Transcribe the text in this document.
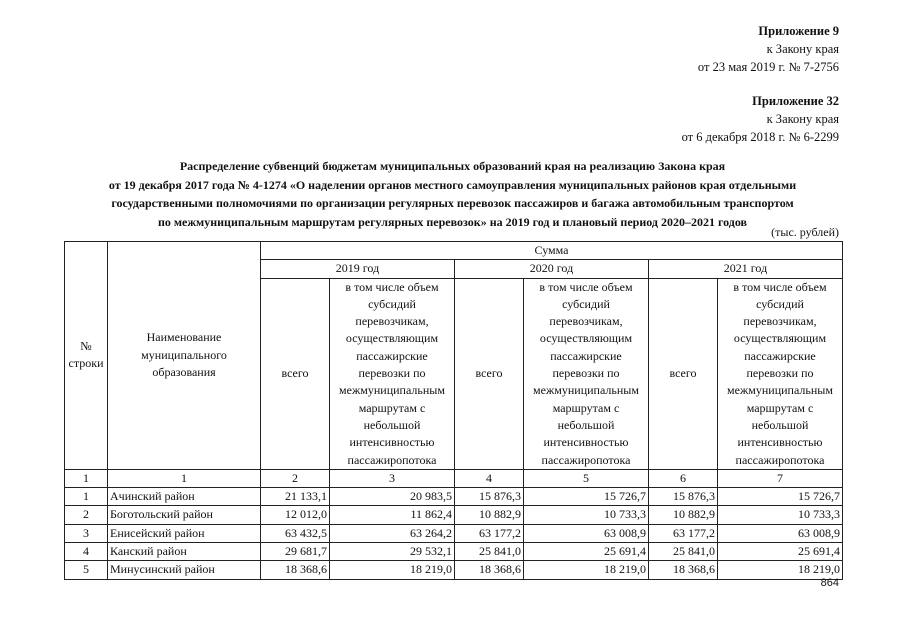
Приложение 9
к Закону края
от 23 мая 2019 г. № 7-2756
Приложение 32
к Закону края
от 6 декабря 2018 г. № 6-2299
Распределение субвенций бюджетам муниципальных образований края на реализацию Закона края
от 19 декабря 2017 года № 4-1274 «О наделении органов местного самоуправления муниципальных районов края отдельными
государственными полномочиями по организации регулярных перевозок пассажиров и багажа автомобильным транспортом
по межмуниципальным маршрутам регулярных перевозок» на 2019 год и плановый период 2020–2021 годов
(тыс. рублей)
№ строки	Наименование муниципального образования	Сумма					
		2019 год		2020 год		2021 год	
		всего	в том числе объем субсидий перевозчикам, осуществляющим пассажирские перевозки по межмуниципальным маршрутам с небольшой интенсивностью пассажиропотока	всего	в том числе объем субсидий перевозчикам, осуществляющим пассажирские перевозки по межмуниципальным маршрутам с небольшой интенсивностью пассажиропотока	всего	в том числе объем субсидий перевозчикам, осуществляющим пассажирские перевозки по межмуниципальным маршрутам с небольшой интенсивностью пассажиропотока
1	1	2	3	4	5	6	7
1	Ачинский район	21 133,1	20 983,5	15 876,3	15 726,7	15 876,3	15 726,7
2	Боготольский район	12 012,0	11 862,4	10 882,9	10 733,3	10 882,9	10 733,3
3	Енисейский район	63 432,5	63 264,2	63 177,2	63 008,9	63 177,2	63 008,9
4	Канский район	29 681,7	29 532,1	25 841,0	25 691,4	25 841,0	25 691,4
5	Минусинский район	18 368,6	18 219,0	18 368,6	18 219,0	18 368,6	18 219,0
864
